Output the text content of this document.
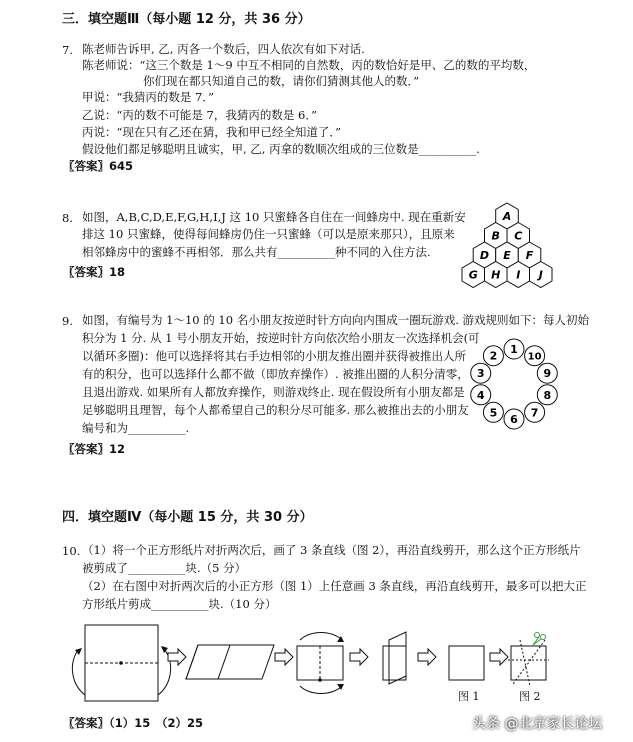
三．填空题Ⅲ（每小题 12 分，共 36 分）
7. 陈老师告诉甲, 乙, 丙各一个数后，四人依次有如下对话.
陈老师说：“这三个数是 1～9 中互不相同的自然数，丙的数恰好是甲、乙的数的平均数，
你们现在都只知道自己的数，请你们猜测其他人的数．”
甲说：“我猜丙的数是 7．”
乙说：“丙的数不可能是 7，我猜丙的数是 6．”
丙说：“现在只有乙还在猜，我和甲已经全知道了．”
假设他们都足够聪明且诚实，甲, 乙, 丙拿的数顺次组成的三位数是__________.
〖答案〗645
8. 如图，A,B,C,D,E,F,G,H,I,J 这 10 只蜜蜂各自住在一间蜂房中. 现在重新安
排这 10 只蜜蜂，使得每间蜂房仍住一只蜜蜂（可以是原来那只），且原来
相邻蜂房中的蜜蜂不再相邻．那么共有__________种不同的入住方法.
〖答案〗18
A
B C
D E F
G H I J
9. 如图，有编号为 1～10 的 10 名小朋友按逆时针方向向内围成一圈玩游戏. 游戏规则如下：每人初始
积分为 1 分. 从 1 号小朋友开始，按逆时针方向依次给小朋友一次选择机会(可
以循环多圈)：他可以选择将其右手边相邻的小朋友推出圈并获得被推出人所
有的积分，也可以选择什么都不做（即放弃操作）. 被推出圈的人积分清零，
且退出游戏. 如果所有人都放弃操作，则游戏终止. 现在假设所有小朋友都是
足够聪明且理智，每个人都希望自己的积分尽可能多. 那么被推出去的小朋友
编号和为__________.
〖答案〗12
1
2
3
4
5
6
7
8
9
10
四．填空题Ⅳ（每小题 15 分，共 30 分）
10. （1）将一个正方形纸片对折两次后，画了 3 条直线（图 2），再沿直线剪开，那么这个正方形纸片
被剪成了__________块.（5 分）
（2）在右图中对折两次后的小正方形（图 1）上任意画 3 条直线，再沿直线剪开，最多可以把大正
方形纸片剪成__________块.（10 分）
图 1	图 2
〖答案〗（1）15　（2）25	头条 @北京家长论坛
